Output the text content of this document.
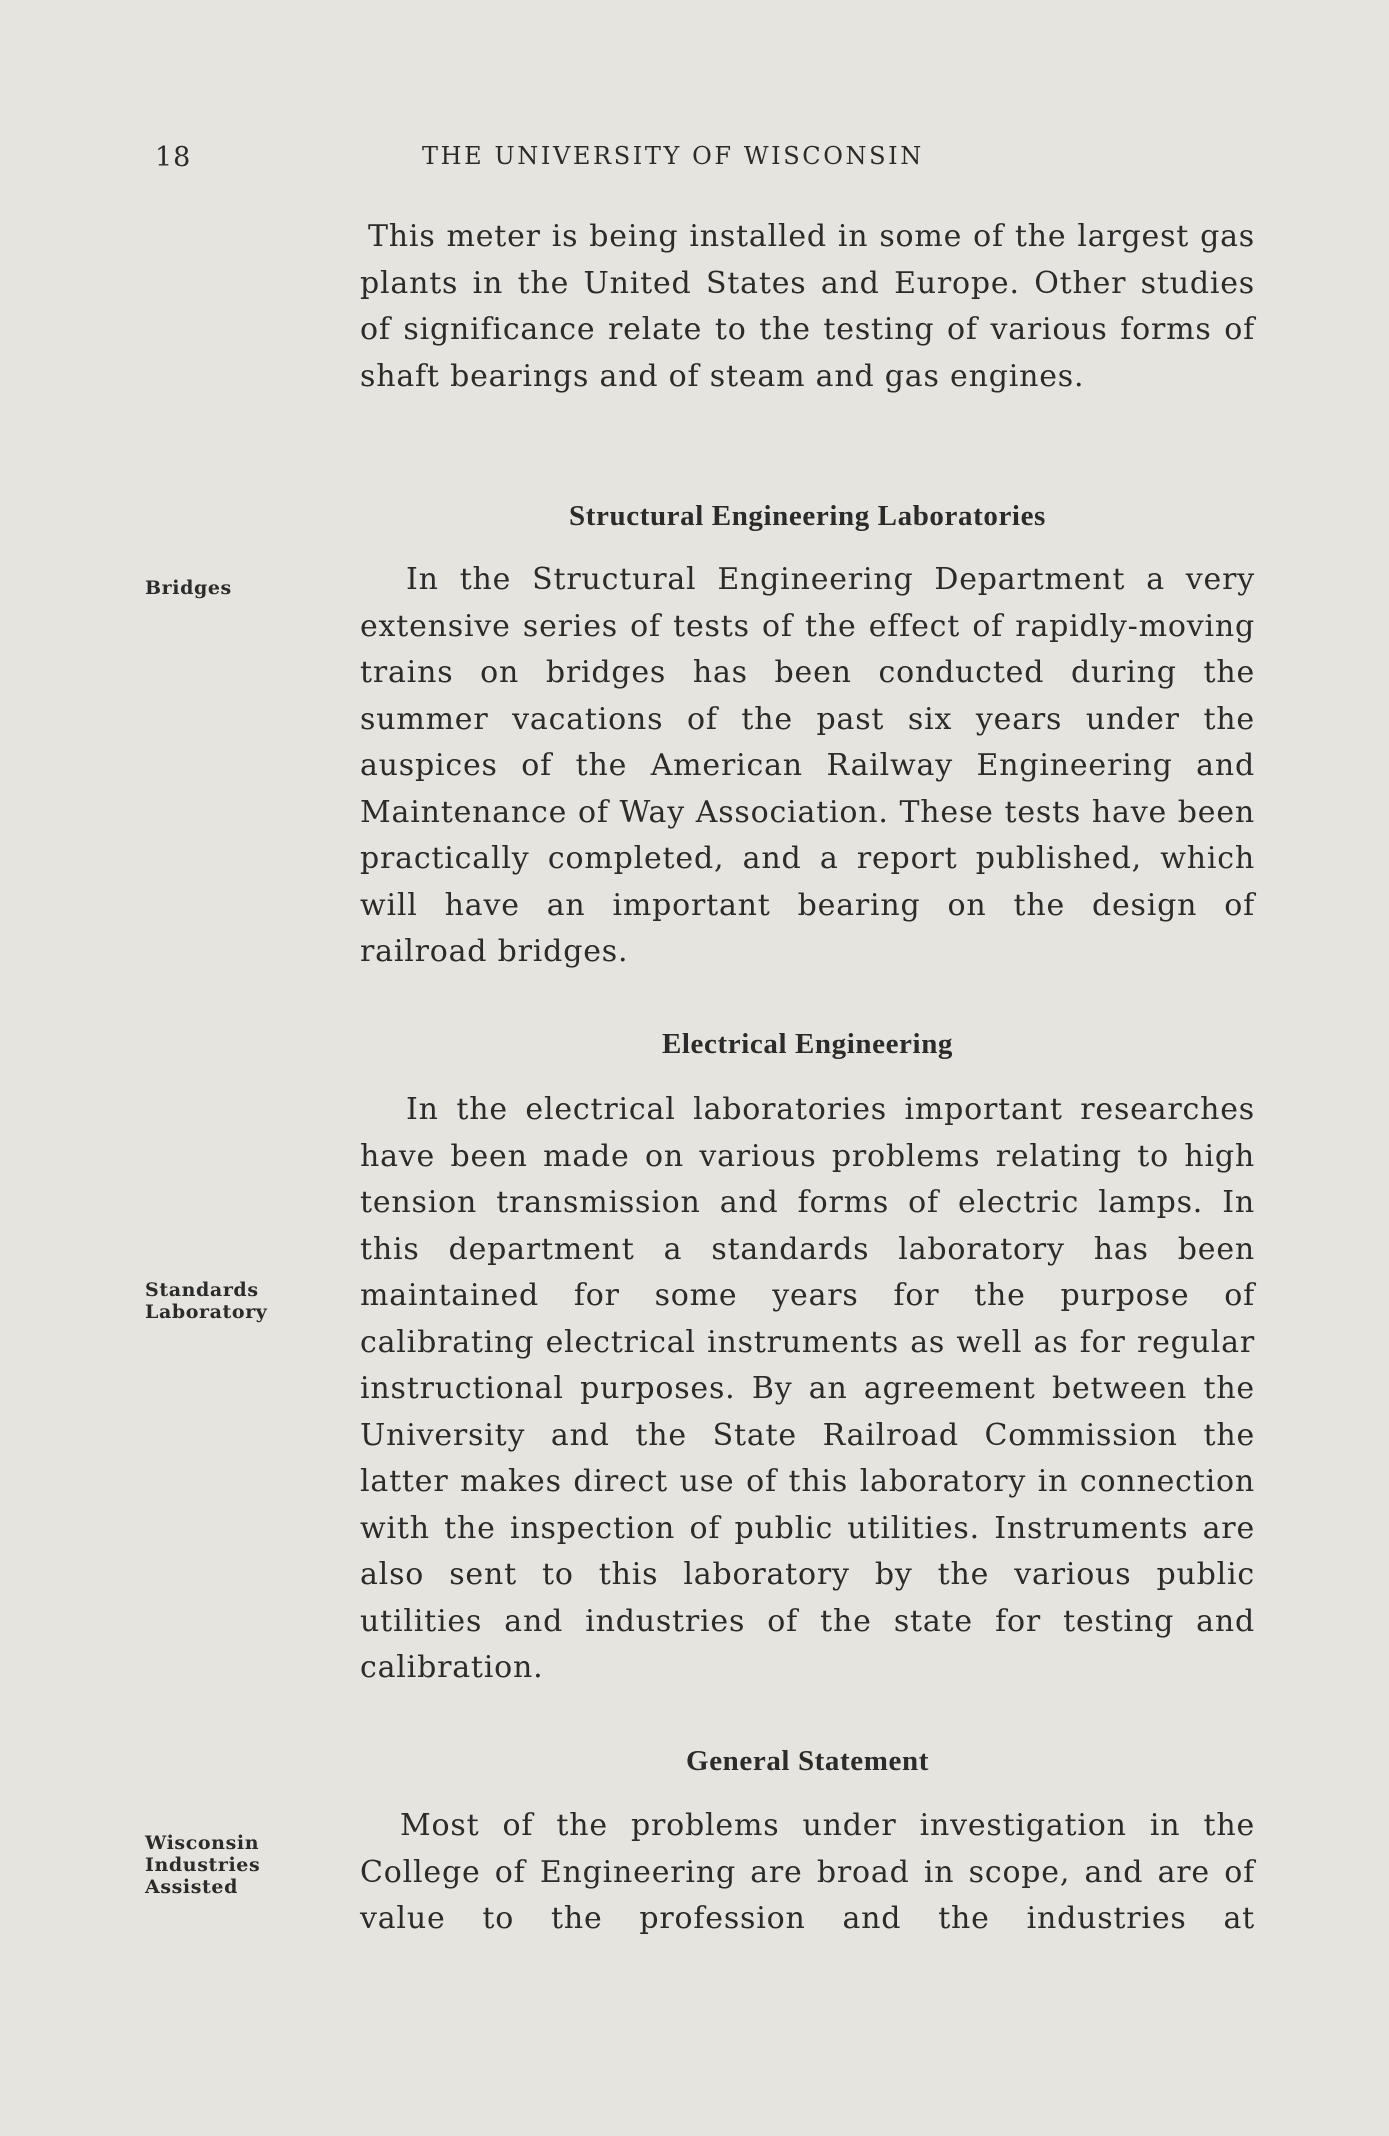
18	THE UNIVERSITY OF WISCONSIN

This meter is being installed in some of the largest gas plants in the United States and Europe. Other studies of significance relate to the testing of various forms of shaft bearings and of steam and gas engines.

Structural Engineering Laboratories
Bridges	In the Structural Engineering Department a very extensive series of tests of the effect of rapidly-moving trains on bridges has been conducted during the summer vacations of the past six years under the auspices of the American Railway Engineering and Maintenance of Way Association. These tests have been practically completed, and a report published, which will have an important bearing on the design of railroad bridges.

Electrical Engineering
Standards
Laboratory

In the electrical laboratories important researches have been made on various problems relating to high tension transmission and forms of electric lamps. In this department a standards laboratory has been maintained for some years for the purpose of calibrating electrical instruments as well as for regular instructional purposes. By an agreement between the University and the State Railroad Commission the latter makes direct use of this laboratory in connection with the inspection of public utilities. Instruments are also sent to this laboratory by the various public utilities and industries of the state for testing and calibration.

General Statement
Wisconsin
Industries
Assisted

Most of the problems under investigation in the College of Engineering are broad in scope, and are of value to the profession and the industries at
